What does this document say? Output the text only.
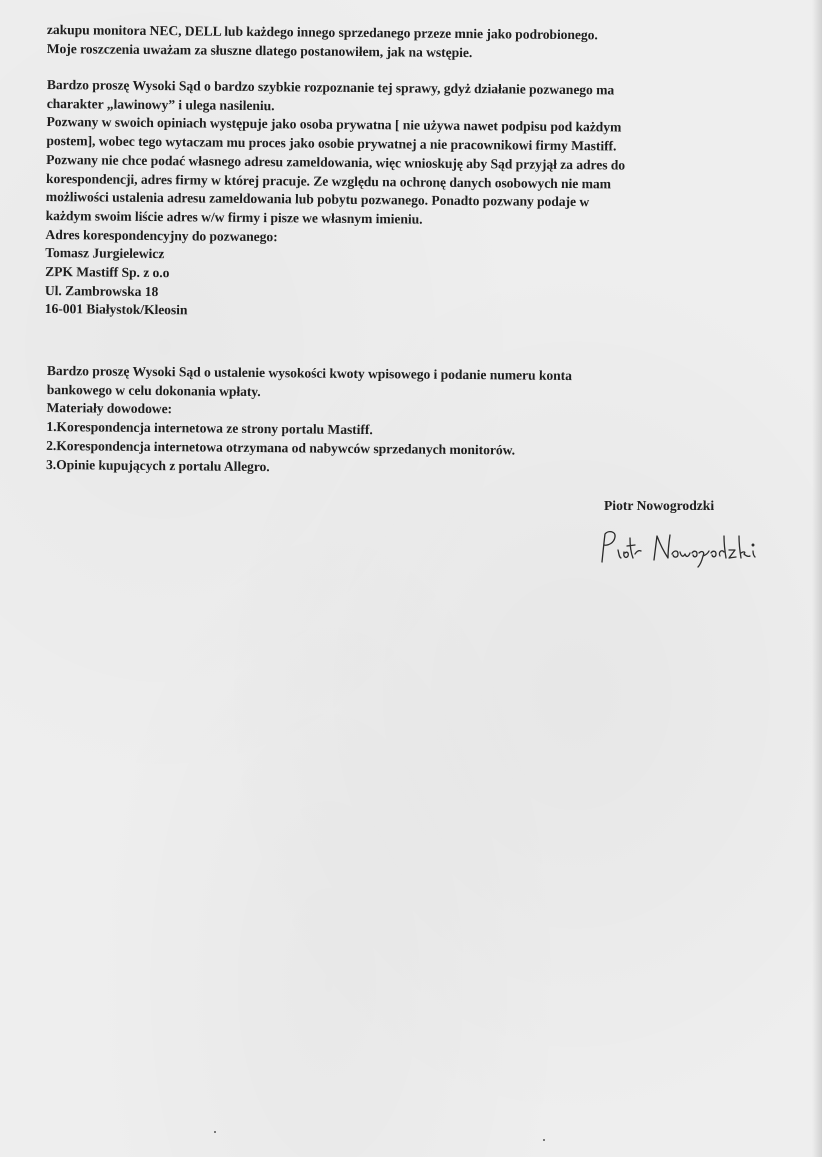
zakupu monitora NEC, DELL lub każdego innego sprzedanego przeze mnie jako podrobionego.
Moje roszczenia uważam za słuszne dlatego postanowiłem, jak na wstępie.
Bardzo proszę Wysoki Sąd o bardzo szybkie rozpoznanie tej sprawy, gdyż działanie pozwanego ma
charakter „lawinowy” i ulega nasileniu.
Pozwany w swoich opiniach występuje jako osoba prywatna [ nie używa nawet podpisu pod każdym
postem], wobec tego wytaczam mu proces jako osobie prywatnej a nie pracownikowi firmy Mastiff.
Pozwany nie chce podać własnego adresu zameldowania, więc wnioskuję aby Sąd przyjął za adres do
korespondencji, adres firmy w której pracuje. Ze względu na ochronę danych osobowych nie mam
możliwości ustalenia adresu zameldowania lub pobytu pozwanego. Ponadto pozwany podaje w
każdym swoim liście adres w/w firmy i pisze we własnym imieniu.
Adres korespondencyjny do pozwanego:
Tomasz Jurgielewicz
ZPK Mastiff Sp. z o.o
Ul. Zambrowska 18
16-001 Białystok/Kleosin
Bardzo proszę Wysoki Sąd o ustalenie wysokości kwoty wpisowego i podanie numeru konta
bankowego w celu dokonania wpłaty.
Materiały dowodowe:
1.Korespondencja internetowa ze strony portalu Mastiff.
2.Korespondencja internetowa otrzymana od nabywców sprzedanych monitorów.
3.Opinie kupujących z portalu Allegro.
Piotr Nowogrodzki
